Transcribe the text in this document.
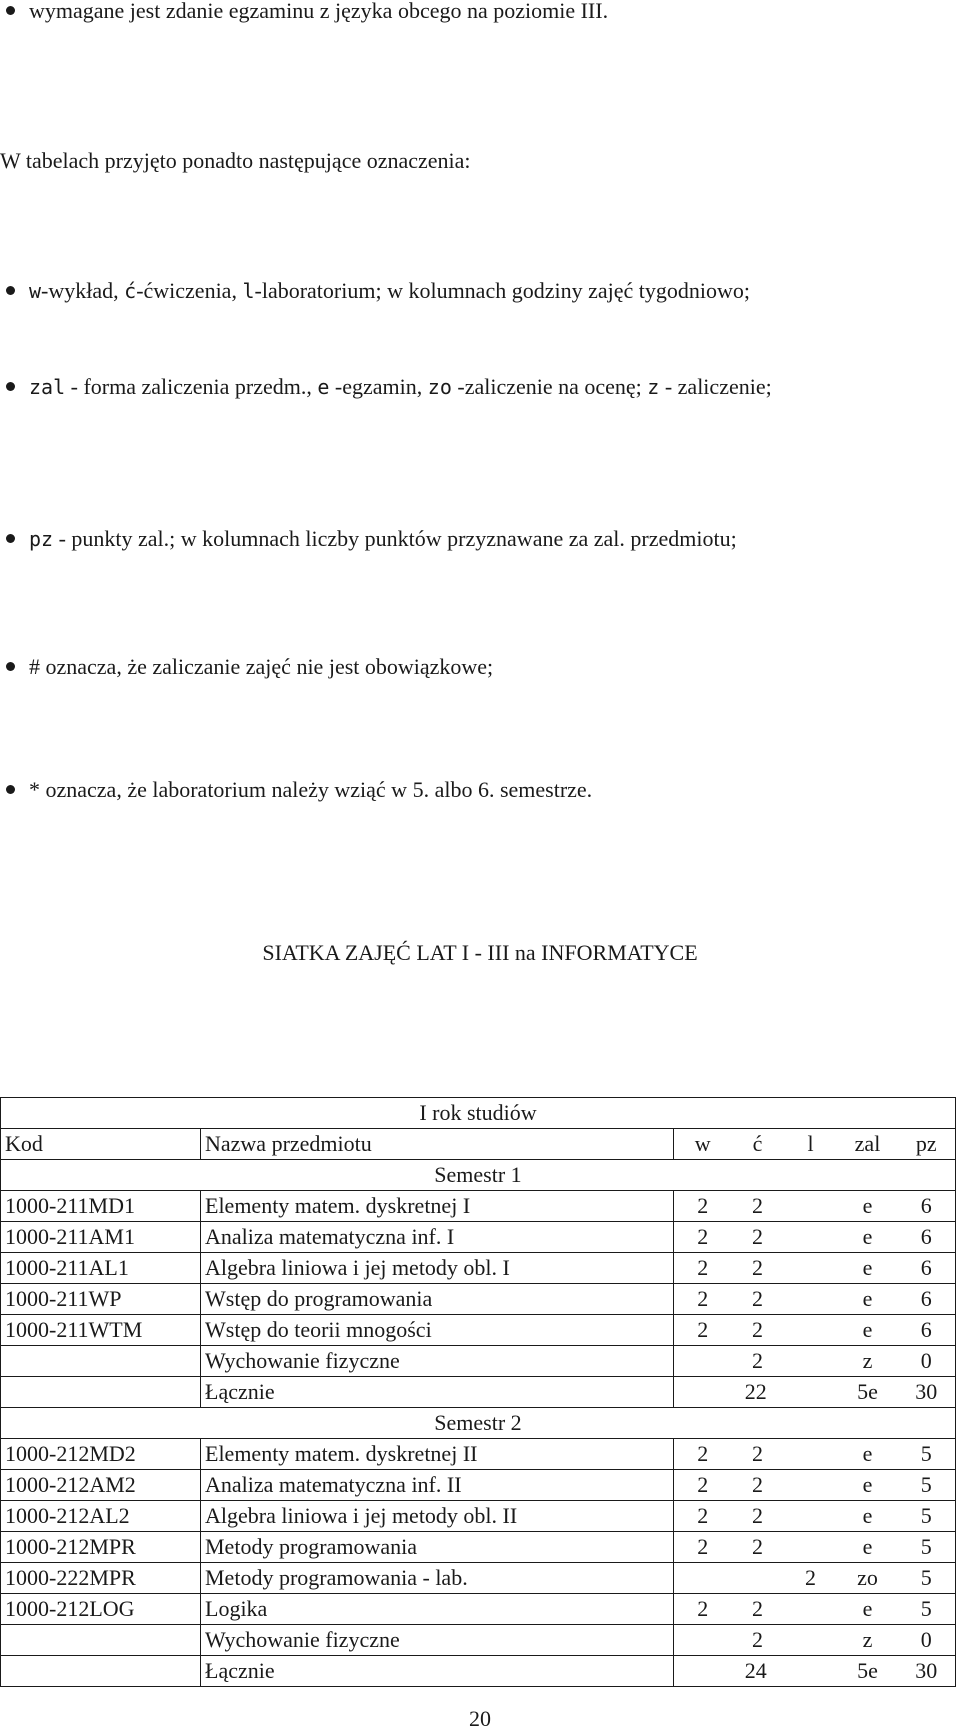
wymagane jest zdanie egzaminu z języka obcego na poziomie III.
W tabelach przyjęto ponadto następujące oznaczenia:
w-wykład, ć-ćwiczenia, l-laboratorium; w kolumnach godziny zajęć tygodniowo;
zal - forma zaliczenia przedm., e -egzamin, zo -zaliczenie na ocenę; z - zaliczenie;
pz - punkty zal.; w kolumnach liczby punktów przyznawane za zal. przedmiotu;
# oznacza, że zaliczanie zajęć nie jest obowiązkowe;
* oznacza, że laboratorium należy wziąć w 5. albo 6. semestrze.
SIATKA ZAJĘĆ LAT I - III na INFORMATYCE
I rok studiów						
Kod	Nazwa przedmiotu	w	ć	l	zal	pz
Semestr 1						
1000-211MD1	Elementy matem. dyskretnej I	2	2		e	6
1000-211AM1	Analiza matematyczna inf. I	2	2		e	6
1000-211AL1	Algebra liniowa i jej metody obl. I	2	2		e	6
1000-211WP	Wstęp do programowania	2	2		e	6
1000-211WTM	Wstęp do teorii mnogości	2	2		e	6
	Wychowanie fizyczne		2		z	0
	Łącznie	22			5e	30
Semestr 2						
1000-212MD2	Elementy matem. dyskretnej II	2	2		e	5
1000-212AM2	Analiza matematyczna inf. II	2	2		e	5
1000-212AL2	Algebra liniowa i jej metody obl. II	2	2		e	5
1000-212MPR	Metody programowania	2	2		e	5
1000-222MPR	Metody programowania - lab.			2	zo	5
1000-212LOG	Logika	2	2		e	5
	Wychowanie fizyczne		2		z	0
	Łącznie	24			5e	30
20
